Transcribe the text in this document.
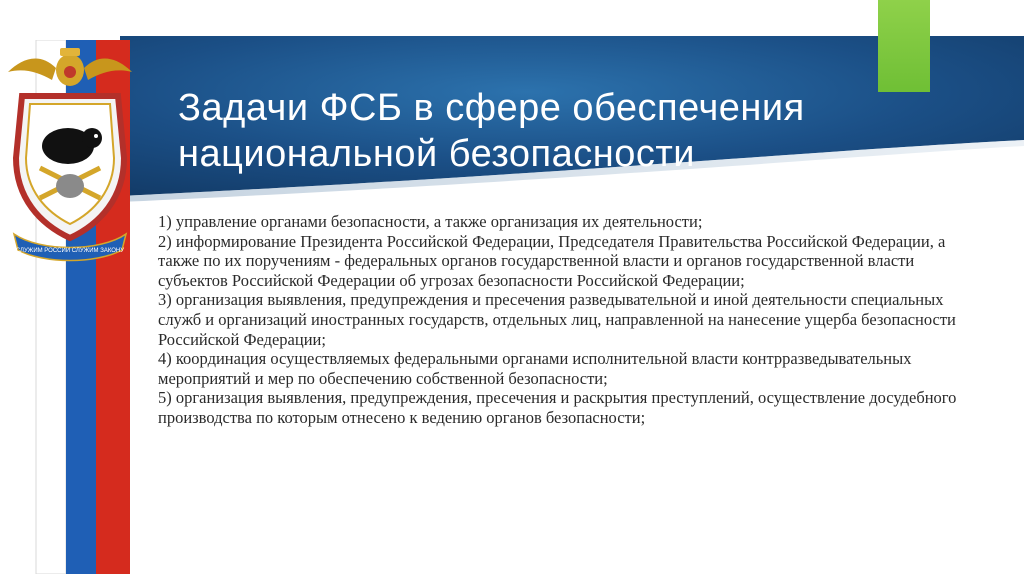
Задачи ФСБ в сфере обеспечения
национальной безопасности
СЛУЖИМ РОССИИ СЛУЖИМ ЗАКОНУ

1) управление органами безопасности, а также организация их деятельности;

2) информирование Президента Российской Федерации, Председателя Правительства Российской Федерации, а также по их поручениям - федеральных органов государственной власти и органов государственной власти субъектов Российской Федерации об угрозах безопасности Российской Федерации;

3) организация выявления, предупреждения и пресечения разведывательной и иной деятельности специальных служб и организаций иностранных государств, отдельных лиц, направленной на нанесение ущерба безопасности Российской Федерации;

4) координация осуществляемых федеральными органами исполнительной власти контрразведывательных мероприятий и мер по обеспечению собственной безопасности;

5) организация выявления, предупреждения, пресечения и раскрытия преступлений, осуществление досудебного производства по которым отнесено к ведению органов безопасности;
